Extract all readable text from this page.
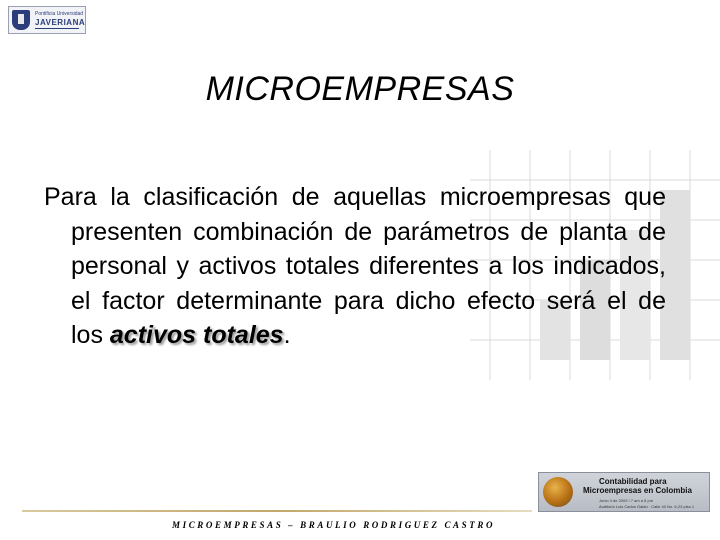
Pontificia Universidad
JAVERIANA
MICROEMPRESAS
Para la clasificación de aquellas microempresas que presenten combinación de parámetros de planta de personal y activos totales diferentes a los indicados, el factor determinante para dicho efecto será el de los activos totales.
MICROEMPRESAS – BRAULIO RODRIGUEZ CASTRO
Contabilidad para
Microempresas en Colombia
Junio 4 de 2009 / 7 am a 6 pm
Auditorio Luis Carlos Galán · Calle 40 No. 6-23 piso 1
